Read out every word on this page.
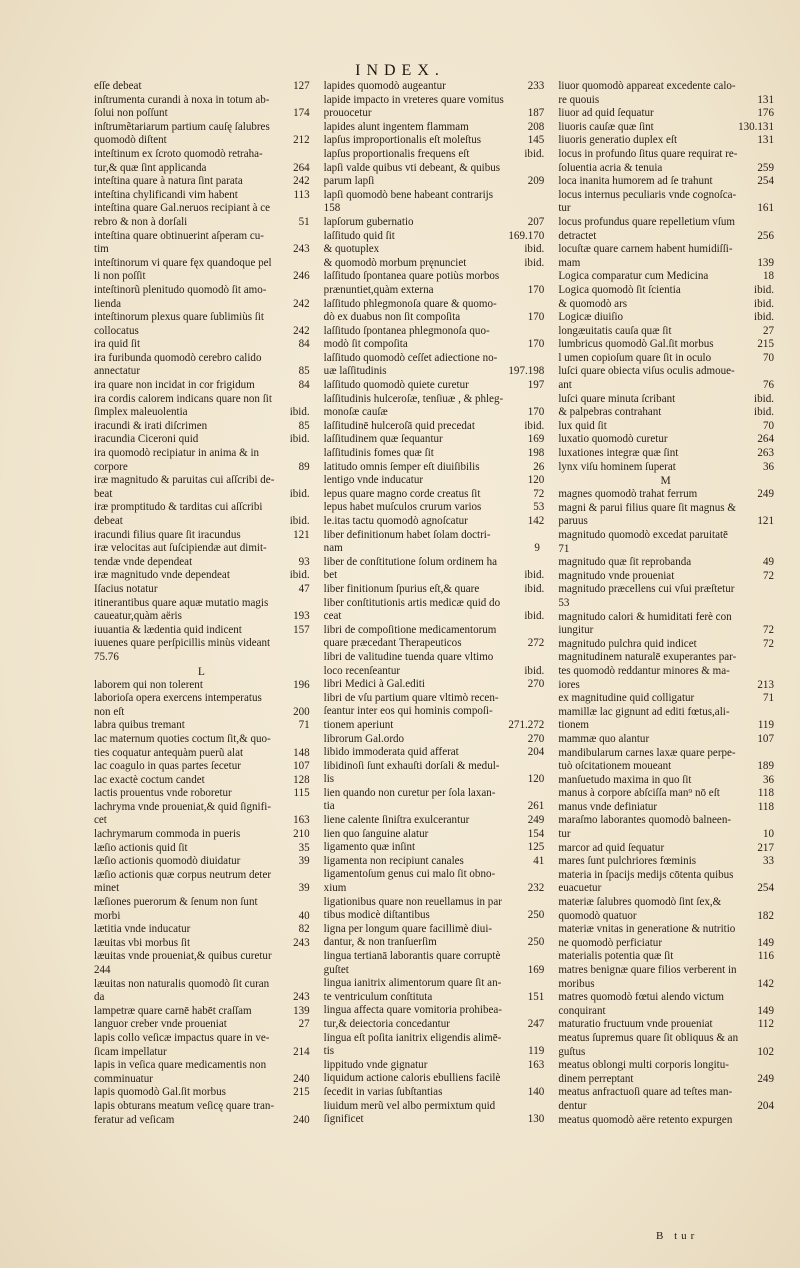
INDEX.
127
eſſe debeat
inſtrumenta curandi à noxa in totum ab-
174
ſolui non poſſunt
inſtrumẽtariarum partium cauſę ſalubres
212
quomodò diſtent
inteſtinum ex ſcroto quomodò retraha-
264
tur,& quæ ſint applicanda
242
inteſtina quare à natura ſint parata
113
inteſtina chylificandi vim habent
inteſtina quare Gal.neruos recipiant à ce
51
rebro & non à dorſali
inteſtina quare obtinuerint aſperam cu-
243
tim
inteſtinorum vi quare fęx quandoque pel
246
li non poſſit
inteſtinorũ plenitudo quomodò ſit amo-
242
lienda
inteſtinorum plexus quare ſublimiùs ſit
242
collocatus
84
ira quid ſit
ira furibunda quomodò cerebro calido
85
annectatur
84
ira quare non incidat in cor frigidum
ira cordis calorem indicans quare non ſit
ibid.
ſimplex maleuolentia
85
iracundi & irati diſcrimen
ibid.
iracundia Ciceroni quid
ira quomodò recipiatur in anima & in
89
corpore
iræ magnitudo & paruitas cui aſſcribi de-
ibid.
beat
iræ promptitudo & tarditas cui aſſcribi
ibid.
debeat
121
iracundi filius quare ſit iracundus
iræ velocitas aut ſuſcipiendæ aut dimit-
93
tendæ vnde dependeat
ibid.
iræ magnitudo vnde dependeat
47
Iſacius notatur
itinerantibus quare aquæ mutatio magis
193
caueatur,quàm aëris
157
iuuantia & lædentia quid indicent
iuuenes quare perſpicillis minùs videant
75.76
L
196
laborem qui non tolerent
laborioſa opera exercens intemperatus
200
non eſt
71
labra quibus tremant
lac maternum quoties coctum ſit,& quo-
148
ties coquatur antequàm puerũ alat
107
lac coagulo in quas partes ſecetur
128
lac exactè coctum candet
115
lactis prouentus vnde roboretur
lachryma vnde proueniat,& quid ſignifi-
163
cet
210
lachrymarum commoda in pueris
35
læſio actionis quid ſit
39
læſio actionis quomodò diuidatur
læſio actionis quæ corpus neutrum deter
39
minet
læſiones puerorum & ſenum non ſunt
40
morbi
82
lætitia vnde inducatur
243
læuitas vbi morbus ſit
læuitas vnde proueniat,& quibus curetur
244
læuitas non naturalis quomodò ſit curan
243
da
139
lampetræ quare carnē habēt craſſam
27
languor creber vnde proueniat
lapis collo veſicæ impactus quare in ve-
214
ſicam impellatur
lapis in veſica quare medicamentis non
240
comminuatur
215
lapis quomodò Gal.ſit morbus
lapis obturans meatum veſicę quare tran-
240
feratur ad veſicam
233
lapides quomodò augeantur
lapide impacto in vreteres quare vomitus
187
prouocetur
208
lapides alunt ingentem flammam
145
lapſus improportionalis eſt moleſtus
ibid.
lapſus proportionalis frequens eſt
lapſi valde quibus vti debeant, & quibus
209
parum lapſi
lapſi quomodò bene habeant contrarijs
158
207
lapſorum gubernatio
169.170
laſſitudo quid ſit
ibid.
& quotuplex
ibid.
& quomodò morbum pręnunciet
laſſitudo ſpontanea quare potiùs morbos
170
prænuntiet,quàm externa
laſſitudo phlegmonoſa quare & quomo-
170
dò ex duabus non ſit compoſita
laſſitudo ſpontanea phlegmonoſa quo-
170
modò ſit compoſita
laſſitudo quomodò ceſſet adiectione no-
197.198
uæ laſſitudinis
197
laſſitudo quomodò quiete curetur
laſſitudinis hulceroſæ, tenſiuæ , & phleg-
170
monoſæ cauſæ
ibid.
laſſitudinē hulceroſā quid precedat
169
laſſitudinem quæ ſequantur
198
laſſitudinis fomes quæ ſit
26
latitudo omnis ſemper eſt diuiſibilis
120
lentigo vnde inducatur
72
lepus quare magno corde creatus ſit
53
lepus habet muſculos crurum varios
142
le.itas tactu quomodò agnoſcatur
liber definitionum habet ſolam doctri-
9
nam
liber de conſtitutione ſolum ordinem ha
ibid.
bet
ibid.
liber finitionum ſpurius eſt,& quare
liber conſtitutionis artis medicæ quid do
ibid.
ceat
libri de compoſitione medicamentorum
272
quare præcedant Therapeuticos
libri de valitudine tuenda quare vltimo
ibid.
loco recenſeantur
270
libri Medici à Gal.editi
libri de vſu partium quare vltimò recen-
ſeantur inter eos qui hominis compoſi-
271.272
tionem aperiunt
270
librorum Gal.ordo
204
libido immoderata quid afferat
libidinoſi ſunt exhauſti dorſali & medul-
120
lis
lien quando non curetur per ſola laxan-
261
tia
249
liene calente ſiniſtra exulcerantur
154
lien quo ſanguine alatur
125
ligamento quæ inſint
41
ligamenta non recipiunt canales
ligamentoſum genus cui malo ſit obno-
232
xium
ligationibus quare non reuellamus in par
250
tibus modicè diſtantibus
ligna per longum quare facillimè diui-
250
dantur, & non tranſuerſim
lingua tertianā laborantis quare corruptè
169
guſtet
lingua ianitrix alimentorum quare ſit an-
151
te ventriculum conſtituta
lingua affecta quare vomitoria prohibea-
247
tur,& deiectoria concedantur
lingua eſt poſita ianitrix eligendis alimē-
119
tis
163
lippitudo vnde gignatur
liquidum actione caloris ebulliens facilè
140
ſecedit in varias ſubſtantias
liuidum merũ vel albo permixtum quid
130
ſignificet
liuor quomodò appareat excedente calo-
131
re quouis
176
liuor ad quid ſequatur
130.131
liuoris cauſæ quæ ſint
131
liuoris generatio duplex eſt
locus in profundo ſitus quare requirat re-
259
ſoluentia acria & tenuia
254
loca inanita humorem ad ſe trahunt
locus internus peculiaris vnde cognoſca-
161
tur
locus profundus quare repelletium vſum
256
detractet
locuſtæ quare carnem habent humidiſſi-
139
mam
18
Logica comparatur cum Medicina
ibid.
Logica quomodò ſit ſcientia
ibid.
& quomodò ars
ibid.
Logicæ diuiſio
27
longæuitatis cauſa quæ ſit
215
lumbricus quomodò Gal.ſit morbus
70
l umen copioſum quare ſit in oculo
luſci quare obiecta viſus oculis admoue-
76
ant
ibid.
luſci quare minuta ſcribant
ibid.
& palpebras contrahant
70
lux quid ſit
264
luxatio quomodò curetur
263
luxationes integræ quæ ſint
36
lynx viſu hominem ſuperat
M
249
magnes quomodò trahat ferrum
magni & parui filius quare ſit magnus &
121
paruus
magnitudo quomodò excedat paruitatē
71
49
magnitudo quæ ſit reprobanda
72
magnitudo vnde proueniat
magnitudo præcellens cui vſui præſtetur
53
magnitudo calori & humiditati ferè con
72
iungitur
72
magnitudo pulchra quid indicet
magnitudinem naturalē exuperantes par-
tes quomodò reddantur minores & ma-
213
iores
71
ex magnitudine quid colligatur
mamillæ lac gignunt ad editi fœtus,ali-
119
tionem
107
mammæ quo alantur
mandibularum carnes laxæ quare perpe-
189
tuò oſcitationem moueant
36
manſuetudo maxima in quo ſit
118
manus à corpore abſciſſa man⁹ nō eſt
118
manus vnde definiatur
maraſmo laborantes quomodò balneen-
10
tur
217
marcor ad quid ſequatur
33
mares ſunt pulchriores fœminis
materia in ſpacijs medijs cōtenta quibus
254
euacuetur
materiæ ſalubres quomodò ſint ſex,&
182
quomodò quatuor
materiæ vnitas in generatione & nutritio
149
ne quomodò perficiatur
116
materialis potentia quæ ſit
matres benignæ quare filios verberent in
142
moribus
matres quomodò fœtui alendo victum
149
conquirant
112
maturatio fructuum vnde proueniat
meatus ſupremus quare ſit obliquus & an
102
guſtus
meatus oblongi multi corporis longitu-
249
dinem perreptant
meatus anfractuoſi quare ad teſtes man-
204
dentur
meatus quomodò aëre retento expurgen
B tur
